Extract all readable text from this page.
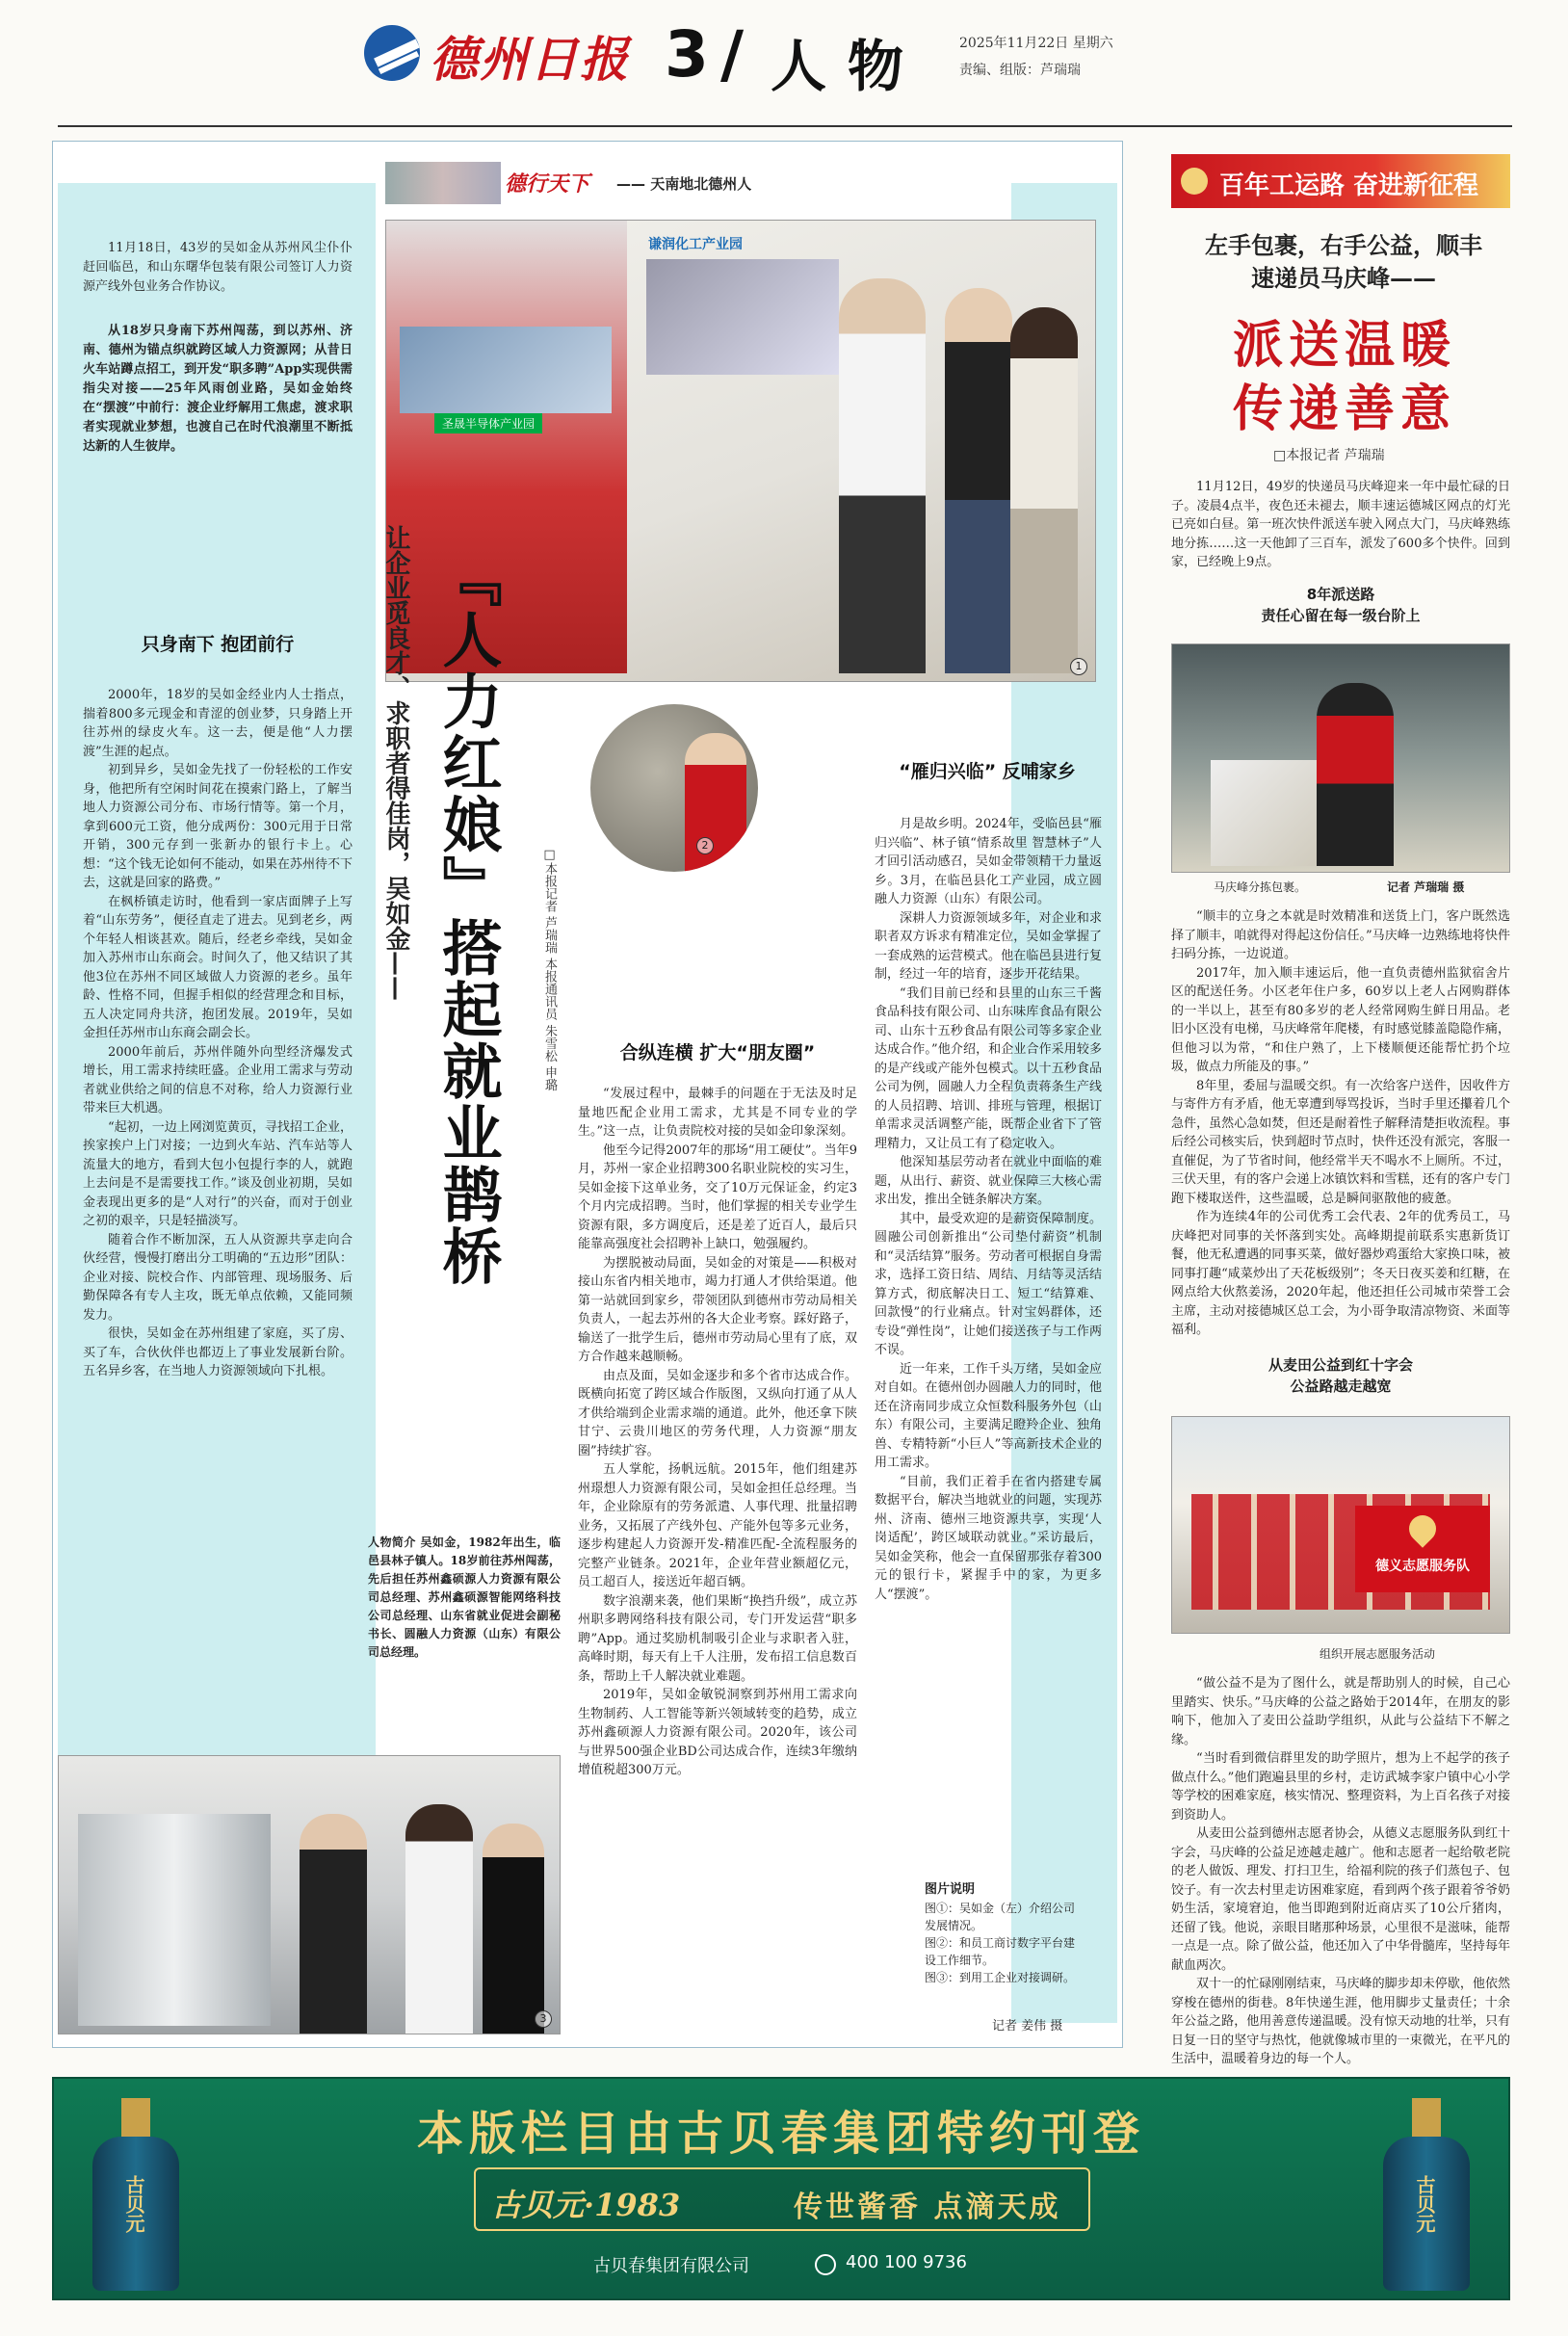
德州日报 3 / 人物	2025年11月22日 星期六
责编、组版：芦瑞瑞
德行天下 —— 天南地北德州人
11月18日，43岁的吴如金从苏州风尘仆仆赶回临邑，和山东曙华包装有限公司签订人力资源产线外包业务合作协议。
从18岁只身南下苏州闯荡，到以苏州、济南、德州为锚点织就跨区域人力资源网；从昔日火车站蹲点招工，到开发“职多聘”App实现供需指尖对接——25年风雨创业路，吴如金始终在“摆渡”中前行：渡企业纾解用工焦虑，渡求职者实现就业梦想，也渡自己在时代浪潮里不断抵达新的人生彼岸。
圣晟半导体产业园
谦润化工产业园
1
『人力红娘』搭起就业鹊桥
让企业觅良才、求职者得佳岗，吴如金——	□本报记者 芦瑞瑞 本报通讯员 朱雪松 申璐
2
只身南下 抱团前行

2000年，18岁的吴如金经业内人士指点，揣着800多元现金和青涩的创业梦，只身踏上开往苏州的绿皮火车。这一去，便是他“人力摆渡”生涯的起点。

初到异乡，吴如金先找了一份轻松的工作安身，他把所有空闲时间花在摸索门路上，了解当地人力资源公司分布、市场行情等。第一个月，拿到600元工资，他分成两份：300元用于日常开销，300元存到一张新办的银行卡上。心想：“这个钱无论如何不能动，如果在苏州待不下去，这就是回家的路费。”

在枫桥镇走访时，他看到一家店面牌子上写着“山东劳务”，便径直走了进去。见到老乡，两个年轻人相谈甚欢。随后，经老乡牵线，吴如金加入苏州市山东商会。时间久了，他又结识了其他3位在苏州不同区域做人力资源的老乡。虽年龄、性格不同，但握手相似的经营理念和目标，五人决定同舟共济，抱团发展。2019年，吴如金担任苏州市山东商会副会长。

2000年前后，苏州伴随外向型经济爆发式增长，用工需求持续旺盛。企业用工需求与劳动者就业供给之间的信息不对称，给人力资源行业带来巨大机遇。

“起初，一边上网浏览黄页，寻找招工企业，挨家挨户上门对接；一边到火车站、汽车站等人流量大的地方，看到大包小包提行李的人，就跑上去问是不是需要找工作。”谈及创业初期，吴如金表现出更多的是“人对行”的兴奋，而对于创业之初的艰辛，只是轻描淡写。

随着合作不断加深，五人从资源共享走向合伙经营，慢慢打磨出分工明确的“五边形”团队：企业对接、院校合作、内部管理、现场服务、后勤保障各有专人主攻，既无单点依赖，又能同频发力。

很快，吴如金在苏州组建了家庭，买了房、买了车，合伙伙伴也都迈上了事业发展新台阶。五名异乡客，在当地人力资源领域向下扎根。

人物简介 吴如金，1982年出生，临邑县林子镇人。18岁前往苏州闯荡，先后担任苏州鑫硕源人力资源有限公司总经理、苏州鑫硕源智能网络科技公司总经理、山东省就业促进会副秘书长、圆融人力资源（山东）有限公司总经理。
3
合纵连横 扩大“朋友圈”

“发展过程中，最棘手的问题在于无法及时足量地匹配企业用工需求，尤其是不同专业的学生。”这一点，让负责院校对接的吴如金印象深刻。

他至今记得2007年的那场“用工硬仗”。当年9月，苏州一家企业招聘300名职业院校的实习生，吴如金接下这单业务，交了10万元保证金，约定3个月内完成招聘。当时，他们掌握的相关专业学生资源有限，多方调度后，还是差了近百人，最后只能靠高强度社会招聘补上缺口，勉强履约。

为摆脱被动局面，吴如金的对策是——积极对接山东省内相关地市，竭力打通人才供给渠道。他第一站就回到家乡，带领团队到德州市劳动局相关负责人，一起去苏州的各大企业考察。踩好路子，输送了一批学生后，德州市劳动局心里有了底，双方合作越来越顺畅。

由点及面，吴如金逐步和多个省市达成合作。既横向拓宽了跨区域合作版图，又纵向打通了从人才供给端到企业需求端的通道。此外，他还拿下陕甘宁、云贵川地区的劳务代理，人力资源“朋友圈”持续扩容。

五人掌舵，扬帆远航。2015年，他们组建苏州璟想人力资源有限公司，吴如金担任总经理。当年，企业除原有的劳务派遣、人事代理、批量招聘业务，又拓展了产线外包、产能外包等多元业务，逐步构建起人力资源开发-精准匹配-全流程服务的完整产业链条。2021年，企业年营业额超亿元，员工超百人，接送近年超百辆。

数字浪潮来袭，他们果断“换挡升级”，成立苏州职多聘网络科技有限公司，专门开发运营“职多聘”App。通过奖励机制吸引企业与求职者入驻，高峰时期，每天有上千人注册，发布招工信息数百条，帮助上千人解决就业难题。

2019年，吴如金敏锐洞察到苏州用工需求向生物制药、人工智能等新兴领域转变的趋势，成立苏州鑫硕源人力资源有限公司。2020年，该公司与世界500强企业BD公司达成合作，连续3年缴纳增值税超300万元。

“雁归兴临” 反哺家乡

月是故乡明。2024年，受临邑县“雁归兴临”、林子镇“情系故里 智慧林子”人才回引活动感召，吴如金带领精干力量返乡。3月，在临邑县化工产业园，成立圆融人力资源（山东）有限公司。

深耕人力资源领域多年，对企业和求职者双方诉求有精准定位，吴如金掌握了一套成熟的运营模式。他在临邑县进行复制，经过一年的培育，逐步开花结果。

“我们目前已经和县里的山东三千酱食品科技有限公司、山东味库食品有限公司、山东十五秒食品有限公司等多家企业达成合作。”他介绍，和企业合作采用较多的是产线或产能外包模式。以十五秒食品公司为例，圆融人力全程负责蒋条生产线的人员招聘、培训、排班与管理，根据订单需求灵活调整产能，既帮企业省下了管理精力，又让员工有了稳定收入。

他深知基层劳动者在就业中面临的难题，从出行、薪资、就业保障三大核心需求出发，推出全链条解决方案。

其中，最受欢迎的是薪资保障制度。圆融公司创新推出“公司垫付薪资”机制和“灵活结算”服务。劳动者可根据自身需求，选择工资日结、周结、月结等灵活结算方式，彻底解决日工、短工“结算难、回款慢”的行业痛点。针对宝妈群体，还专设“弹性岗”，让她们接送孩子与工作两不误。

近一年来，工作千头万绪，吴如金应对自如。在德州创办圆融人力的同时，他还在济南同步成立众恒数科服务外包（山东）有限公司，主要满足瞪羚企业、独角兽、专精特新“小巨人”等高新技术企业的用工需求。

“目前，我们正着手在省内搭建专属数据平台，解决当地就业的问题，实现苏州、济南、德州三地资源共享，实现‘人岗适配’，跨区域联动就业。”采访最后，吴如金笑称，他会一直保留那张存着300元的银行卡，紧握手中的家，为更多人“摆渡”。

图片说明
图①：吴如金（左）介绍公司发展情况。
图②：和员工商讨数字平台建设工作细节。
图③：到用工企业对接调研。
记者 姜伟 摄
百年工运路 奋进新征程
左手包裹，右手公益，顺丰速递员马庆峰——
派送温暖
传递善意
□本报记者 芦瑞瑞
11月12日，49岁的快递员马庆峰迎来一年中最忙碌的日子。凌晨4点半，夜色还未褪去，顺丰速运德城区网点的灯光已亮如白昼。第一班次快件派送车驶入网点大门，马庆峰熟练地分拣……这一天他卸了三百车，派发了600多个快件。回到家，已经晚上9点。
8年派送路
责任心留在每一级台阶上
马庆峰分拣包裹。	记者 芦瑞瑞 摄

“顺丰的立身之本就是时效精准和送货上门，客户既然选择了顺丰，咱就得对得起这份信任。”马庆峰一边熟练地将快件扫码分拣，一边说道。

2017年，加入顺丰速运后，他一直负责德州监狱宿舍片区的配送任务。小区老年住户多，60岁以上老人占网购群体的一半以上，甚至有80多岁的老人经常网购生鲜日用品。老旧小区没有电梯，马庆峰常年爬楼，有时感觉膝盖隐隐作痛，但他习以为常，“和住户熟了，上下楼顺便还能帮忙扔个垃圾，做点力所能及的事。”

8年里，委屈与温暖交织。有一次给客户送件，因收件方与寄件方有矛盾，他无辜遭到辱骂投诉，当时手里还攥着几个急件，虽然心急如焚，但还是耐着性子解释清楚拒收流程。事后经公司核实后，快到超时节点时，快件还没有派完，客服一直催促，为了节省时间，他经常半天不喝水不上厕所。不过，三伏天里，有的客户会递上冰镇饮料和雪糕，还有的客户专门跑下楼取送件，这些温暖，总是瞬间驱散他的疲惫。

作为连续4年的公司优秀工会代表、2年的优秀员工，马庆峰把对同事的关怀落到实处。高峰期提前联系实惠新货订餐，他无私遭遇的同事买菜，做好器炒鸡蛋给大家换口味，被同事打趣“咸菜炒出了天花板级别”；冬天日夜买姜和红糖，在网点给大伙熬姜汤，2020年起，他还担任公司城市荣誉工会主席，主动对接德城区总工会，为小哥争取清凉物资、米面等福利。

从麦田公益到红十字会
公益路越走越宽
德义志愿服务队
组织开展志愿服务活动

“做公益不是为了图什么，就是帮助别人的时候，自己心里踏实、快乐。”马庆峰的公益之路始于2014年，在朋友的影响下，他加入了麦田公益助学组织，从此与公益结下不解之缘。

“当时看到微信群里发的助学照片，想为上不起学的孩子做点什么。”他们跑遍县里的乡村，走访武城李家户镇中心小学等学校的困难家庭，核实情况、整理资料，为上百名孩子对接到资助人。

从麦田公益到德州志愿者协会，从德义志愿服务队到红十字会，马庆峰的公益足迹越走越广。他和志愿者一起给敬老院的老人做饭、理发、打扫卫生，给福利院的孩子们蒸包子、包饺子。有一次去村里走访困难家庭，看到两个孩子跟着爷爷奶奶生活，家境窘迫，他当即跑到附近商店买了10公斤猪肉，还留了钱。他说，亲眼目睹那种场景，心里很不是滋味，能帮一点是一点。除了做公益，他还加入了中华骨髓库，坚持每年献血两次。

双十一的忙碌刚刚结束，马庆峰的脚步却未停歇，他依然穿梭在德州的街巷。8年快递生涯，他用脚步丈量责任；十余年公益之路，他用善意传递温暖。没有惊天动地的壮举，只有日复一日的坚守与热忱，他就像城市里的一束微光，在平凡的生活中，温暖着身边的每一个人。

古贝元	古贝元
本版栏目由古贝春集团特约刊登
古贝元·1983	传世酱香 点滴天成
古贝春集团有限公司	400 100 9736
